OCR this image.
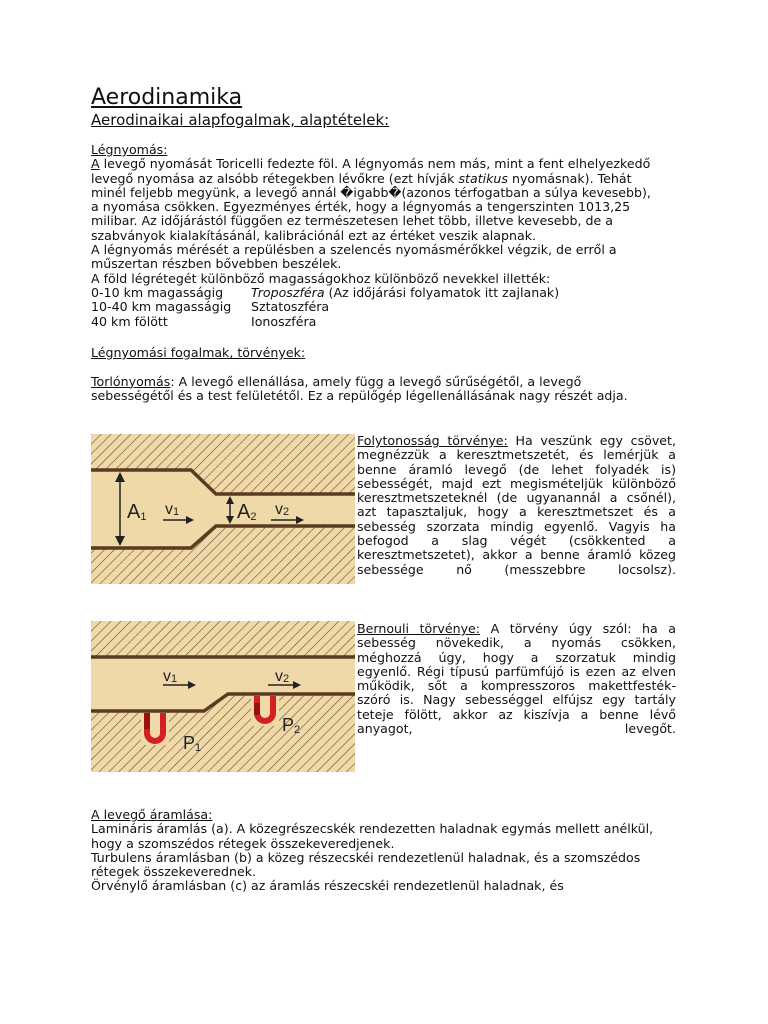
Aerodinamika
Aerodinaikai alapfogalmak, alaptételek:

Légnyomás:

A levegő nyomását Toricelli fedezte föl. A légnyomás nem más, mint a fent elhelyezkedő

levegő nyomása az alsóbb rétegekben lévőkre (ezt hívják statikus nyomásnak). Tehát

minél feljebb megyünk, a levegő annál �igabb�(azonos térfogatban a súlya kevesebb),

a nyomása csökken. Egyezményes érték, hogy a légnyomás a tengerszinten 1013,25

milibar. Az időjárástól függően ez természetesen lehet több, illetve kevesebb, de a

szabványok kialakításánál, kalibrációnál ezt az értéket veszik alapnak.

A légnyomás mérését a repülésben a szelencés nyomásmérőkkel végzik, de erről a

műszertan részben bővebben beszélek.

A föld légrétegét különböző magasságokhoz különböző nevekkel illették:

0-10 km magasságig	Troposzféra (Az időjárási folyamatok itt zajlanak)
10-40 km magasságig	Sztatoszféra
40 km fölött	Ionoszféra

Légnyomási fogalmak, törvények:

Torlónyomás: A levegő ellenállása, amely függ a levegő sűrűségétől, a levegő

sebességétől és a test felületétől. Ez a repülőgép légellenállásának nagy részét adja.

A1 v1	A2 v2

Folytonosság törvénye: Ha veszünk egy csövet,

megnézzük a keresztmetszetét, és lemérjük a

benne áramló levegő (de lehet folyadék is)

sebességét, majd ezt megismételjük különböző

keresztmetszeteknél (de ugyanannál a csőnél),

azt tapasztaljuk, hogy a keresztmetszet és a

sebesség szorzata mindig egyenlő. Vagyis ha

befogod a slag végét (csökkented a

keresztmetszetet), akkor a benne áramló közeg

sebessége nő (messzebbre locsolsz).

v1	v2
P1
P2

Bernouli törvénye: A törvény úgy szól: ha a

sebesség növekedik, a nyomás csökken,

méghozzá úgy, hogy a szorzatuk mindig

egyenlő. Régi típusú parfümfújó is ezen az elven

működik, sőt a kompresszoros makettfesték-

szóró is. Nagy sebességgel elfújsz egy tartály

teteje fölött, akkor az kiszívja a benne lévő

anyagot, levegőt.

A levegő áramlása:

Lamináris áramlás (a). A közegrészecskék rendezetten haladnak egymás mellett anélkül,

hogy a szomszédos rétegek összekeveredjenek.

Turbulens áramlásban (b) a közeg részecskéi rendezetlenül haladnak, és a szomszédos

rétegek összekeverednek.

Örvénylő áramlásban (c) az áramlás részecskéi rendezetlenül haladnak, és
